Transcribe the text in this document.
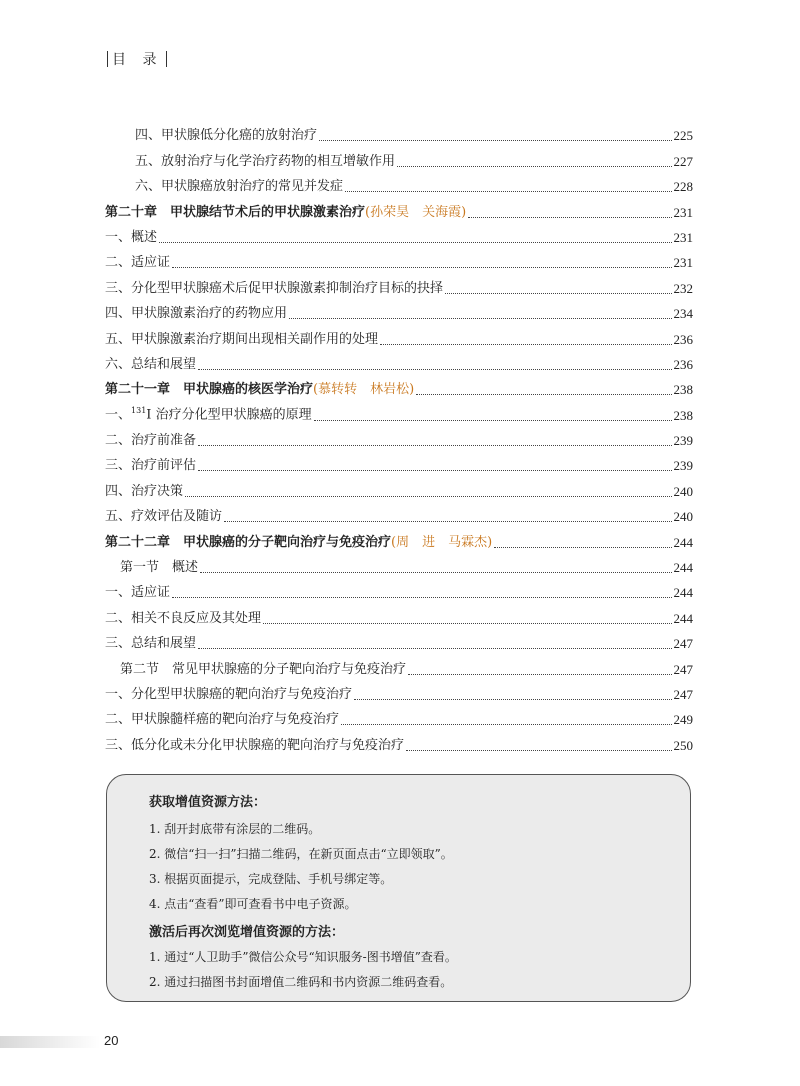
目 录
四、甲状腺低分化癌的放射治疗	225
五、放射治疗与化学治疗药物的相互增敏作用	227
六、甲状腺癌放射治疗的常见并发症	228
第二十章　甲状腺结节术后的甲状腺激素治疗(孙荣昊　关海霞)	231
一、概述	231
二、适应证	231
三、分化型甲状腺癌术后促甲状腺激素抑制治疗目标的抉择	232
四、甲状腺激素治疗的药物应用	234
五、甲状腺激素治疗期间出现相关副作用的处理	236
六、总结和展望	236
第二十一章　甲状腺癌的核医学治疗(慕转转　林岩松)	238
一、$^{131}$I 治疗分化型甲状腺癌的原理	238
二、治疗前准备	239
三、治疗前评估	239
四、治疗决策	240
五、疗效评估及随访	240
第二十二章　甲状腺癌的分子靶向治疗与免疫治疗(周　进　马霖杰)	244
第一节　概述	244
一、适应证	244
二、相关不良反应及其处理	244
三、总结和展望	247
第二节　常见甲状腺癌的分子靶向治疗与免疫治疗	247
一、分化型甲状腺癌的靶向治疗与免疫治疗	247
二、甲状腺髓样癌的靶向治疗与免疫治疗	249
三、低分化或未分化甲状腺癌的靶向治疗与免疫治疗	250
获取增值资源方法：
1. 刮开封底带有涂层的二维码。
2. 微信“扫一扫”扫描二维码，在新页面点击“立即领取”。
3. 根据页面提示，完成登陆、手机号绑定等。
4. 点击“查看”即可查看书中电子资源。
激活后再次浏览增值资源的方法：
1. 通过“人卫助手”微信公众号“知识服务-图书增值”查看。
2. 通过扫描图书封面增值二维码和书内资源二维码查看。
20
